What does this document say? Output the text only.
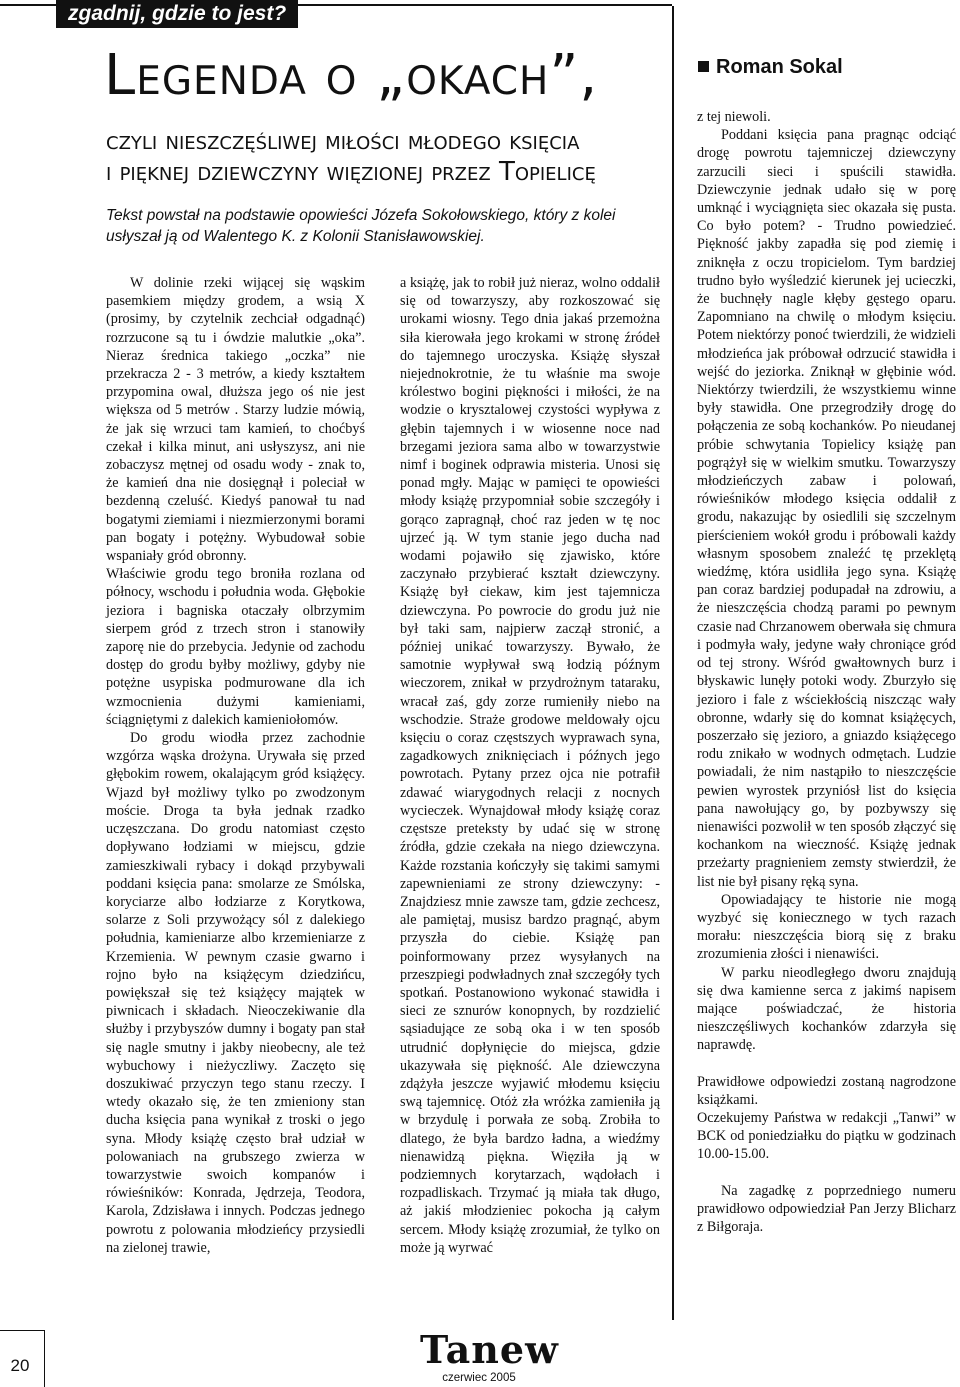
zgadnij, gdzie to jest?
Legenda o „okach”,
czyli nieszczęśliwej miłości młodego księcia
i pięknej dziewczyny więzionej przez Topielicę

Tekst powstał na podstawie opowieści Józefa Sokołowskiego, który z kolei usłyszał ją od Walentego K. z Kolonii Stanisławowskiej.

Roman Sokal

W dolinie rzeki wijącej się wąskim pasemkiem między grodem, a wsią X (prosimy, by czytelnik zechciał odgadnąć) rozrzucone są tu i ówdzie malutkie „oka”. Nieraz średnica takiego „oczka” nie przekracza 2 - 3 metrów, a kiedy kształtem przypomina owal, dłuższa jego oś nie jest większa od 5 metrów . Starzy ludzie mówią, że jak się wrzuci tam kamień, to choćbyś czekał i kilka minut, ani usłyszysz, ani nie zobaczysz mętnej od osadu wody - znak to, że kamień dna nie dosięgnął i poleciał w bezdenną czeluść. Kiedyś panował tu nad bogatymi ziemiami i niezmierzonymi borami pan bogaty i potężny. Wybudował sobie wspaniały gród obronny.

Właściwie grodu tego broniła rozlana od północy, wschodu i południa woda. Głębokie jeziora i bagniska otaczały olbrzymim sierpem gród z trzech stron i stanowiły zaporę nie do przebycia. Jedynie od zachodu dostęp do grodu byłby możliwy, gdyby nie potężne usypiska podmurowane dla ich wzmocnienia dużymi kamieniami, ściągniętymi z dalekich kamieniołomów.

Do grodu wiodła przez zachodnie wzgórza wąska drożyna. Urywała się przed głębokim rowem, okalającym gród książęcy. Wjazd był możliwy tylko po zwodzonym moście. Droga ta była jednak rzadko uczęszczana. Do grodu natomiast często dopływano łodziami w miejscu, gdzie zamieszkiwali rybacy i dokąd przybywali poddani księcia pana: smolarze ze Smólska, koryciarze albo łodziarze z Korytkowa, solarze z Soli przywożący sól z dalekiego południa, kamieniarze albo krzemieniarze z Krzemienia. W pewnym czasie gwarno i rojno było na książęcym dziedzińcu, powiększał się też książęcy majątek w piwnicach i składach. Nieoczekiwanie dla służby i przybyszów dumny i bogaty pan stał się nagle smutny i jakby nieobecny, ale też wybuchowy i nieżyczliwy. Zaczęto się doszukiwać przyczyn tego stanu rzeczy. I wtedy okazało się, że ten zmieniony stan ducha księcia pana wynikał z troski o jego syna. Młody książę często brał udział w polowaniach na grubszego zwierza w towarzystwie swoich kompanów i rówieśników: Konrada, Jędrzeja, Teodora, Karola, Zdzisława i innych. Podczas jednego powrotu z polowania młodzieńcy przysiedli na zielonej trawie,

a książę, jak to robił już nieraz, wolno oddalił się od towarzyszy, aby rozkoszować się urokami wiosny. Tego dnia jakaś przemożna siła kierowała jego krokami w stronę źródeł do tajemnego uroczyska. Książę słyszał niejednokrotnie, że tu właśnie ma swoje królestwo bogini piękności i miłości, że na wodzie o krysztalowej czystości wypływa z głębin tajemnych i w wiosenne noce nad brzegami jeziora sama albo w towarzystwie nimf i boginek odprawia misteria. Unosi się ponad mgły. Mając w pamięci te opowieści młody książę przypomniał sobie szczegóły i gorąco zapragnął, choć raz jeden w tę noc ujrzeć ją. W tym stanie jego ducha nad wodami pojawiło się zjawisko, które zaczynało przybierać kształt dziewczyny. Książę był ciekaw, kim jest tajemnicza dziewczyna. Po powrocie do grodu już nie był taki sam, najpierw zaczął stronić, a później unikać towarzyszy. Bywało, że samotnie wypływał swą łodzią późnym wieczorem, znikał w przydrożnym tataraku, wracał zaś, gdy zorze rumieniły niebo na wschodzie. Straże grodowe meldowały ojcu księciu o coraz częstszych wyprawach syna, zagadkowych zniknięciach i późnych jego powrotach. Pytany przez ojca nie potrafił zdawać wiarygodnych relacji z nocnych wycieczek. Wynajdował młody książę coraz częstsze preteksty by udać się w stronę źródła, gdzie czekała na niego dziewczyna. Każde rozstania kończyły się takimi samymi zapewnieniami ze strony dziewczyny: - Znajdziesz mnie zawsze tam, gdzie zechcesz, ale pamiętaj, musisz bardzo pragnąć, abym przyszła do ciebie. Książę pan poinformowany przez wysyłanych na przeszpiegi podwładnych znał szczegóły tych spotkań. Postanowiono wykonać stawidła i sieci ze sznurów konopnych, by rozdzielić sąsiadujące ze sobą oka i w ten sposób utrudnić dopłynięcie do miejsca, gdzie ukazywała się piękność. Ale dziewczyna zdążyła jeszcze wyjawić młodemu księciu swą tajemnicę. Otóż zła wróżka zamieniła ją w brzydulę i porwała ze sobą. Zrobiła to dlatego, że była bardzo ładna, a wiedźmy nienawidzą piękna. Więziła ją w podziemnych korytarzach, wądołach i rozpadliskach. Trzymać ją miała tak długo, aż jakiś młodzieniec pokocha ją całym sercem. Młody książę zrozumiał, że tylko on może ją wyrwać

z tej niewoli.

Poddani księcia pana pragnąc odciąć drogę powrotu tajemniczej dziewczyny zarzucili sieci i spuścili stawidła. Dziewczynie jednak udało się w porę umknąć i wyciągnięta siec okazała się pusta. Co było potem? - Trudno powiedzieć. Piękność jakby zapadła się pod ziemię i zniknęła z oczu tropicielom. Tym bardziej trudno było wyśledzić kierunek jej ucieczki, że buchnęły nagle kłęby gęstego oparu. Zapomniano na chwilę o młodym księciu. Potem niektórzy ponoć twierdzili, że widzieli młodzieńca jak próbował odrzucić stawidła i wejść do jeziorka. Zniknął w głębinie wód. Niektórzy twierdzili, że wszystkiemu winne były stawidła. One przegrodziły drogę do połączenia ze sobą kochanków. Po nieudanej próbie schwytania Topielicy książę pan pogrążył się w wielkim smutku. Towarzyszy młodzieńczych zabaw i polowań, rówieśników młodego księcia oddalił z grodu, nakazując by osiedlili się szczelnym pierścieniem wokół grodu i próbowali każdy własnym sposobem znaleźć tę przeklętą wiedźmę, która usidliła jego syna. Książę pan coraz bardziej podupadał na zdrowiu, a że nieszczęścia chodzą parami po pewnym czasie nad Chrzanowem oberwała się chmura i podmyła wały, jedyne wały chroniące gród od tej strony. Wśród gwałtownych burz i błyskawic lunęły potoki wody. Zburzyło się jezioro i fale z wściekłością niszcząc wały obronne, wdarły się do komnat książęcych, poszerzało się jezioro, a gniazdo książęcego rodu znikało w wodnych odmętach. Ludzie powiadali, że nim nastąpiło to nieszczęście pewien wyrostek przyniósł list do księcia pana nawołujący go, by pozbywszy się nienawiści pozwolił w ten sposób złączyć się kochankom na wieczność. Książę jednak przeżarty pragnieniem zemsty stwierdził, że list nie był pisany ręką syna.

Opowiadający te historie nie mogą wyzbyć się koniecznego w tych razach morału: nieszczęścia biorą się z braku zrozumienia złości i nienawiści.

W parku nieodległego dworu znajdują się dwa kamienne serca z jakimś napisem mające poświadczać, że historia nieszczęśliwych kochanków zdarzyła się naprawdę.

Prawidłowe odpowiedzi zostaną nagrodzone książkami.

Oczekujemy Państwa w redakcji „Tanwi” w BCK od poniedziałku do piątku w godzinach 10.00-15.00.

Na zagadkę z poprzedniego numeru prawidłowo odpowiedział Pan Jerzy Blicharz z Biłgoraja.

20	Tanew
czerwiec 2005
